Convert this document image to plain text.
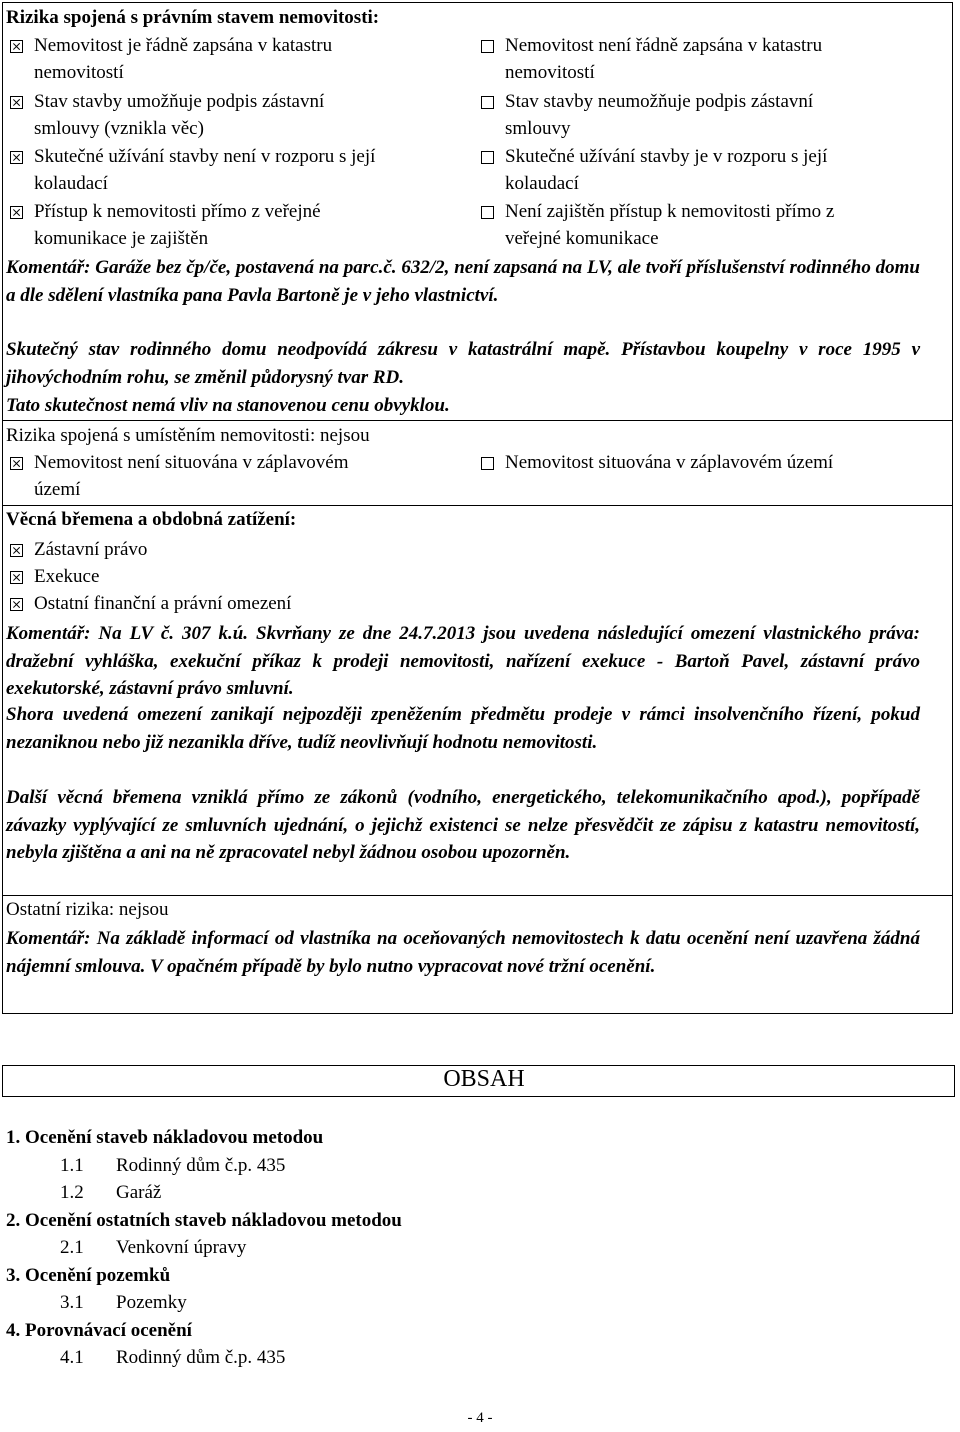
Rizika spojená s právním stavem nemovitosti:
Nemovitost je řádně zapsána v katastru
nemovitostí
Nemovitost není řádně zapsána v katastru
nemovitostí
Stav stavby umožňuje podpis zástavní
smlouvy (vznikla věc)
Stav stavby neumožňuje podpis zástavní
smlouvy
Skutečné užívání stavby není v rozporu s její
kolaudací
Skutečné užívání stavby je v rozporu s její
kolaudací
Přístup k nemovitosti přímo z veřejné
komunikace je zajištěn
Není zajištěn přístup k nemovitosti přímo z
veřejné komunikace
Komentář: Garáže bez čp/če, postavená na parc.č. 632/2, není zapsaná na LV, ale tvoří příslušenství rodinného domu a dle sdělení vlastníka pana Pavla Bartoně je v jeho vlastnictví.
Skutečný stav rodinného domu neodpovídá zákresu v katastrální mapě. Přístavbou koupelny v roce 1995 v jihovýchodním rohu, se změnil půdorysný tvar RD.
Tato skutečnost nemá vliv na stanovenou cenu obvyklou.
Rizika spojená s umístěním nemovitosti: nejsou
Nemovitost není situována v záplavovém
území
Nemovitost situována v záplavovém území
Věcná břemena a obdobná zatížení:
Zástavní právo
Exekuce
Ostatní finanční a právní omezení
Komentář: Na LV č. 307 k.ú. Skvrňany ze dne 24.7.2013 jsou uvedena následující omezení vlastnického práva: dražební vyhláška, exekuční příkaz k prodeji nemovitosti, nařízení exekuce - Bartoň Pavel, zástavní právo exekutorské, zástavní právo smluvní.
Shora uvedená omezení zanikají nejpozději zpeněžením předmětu prodeje v rámci insolvenčního řízení, pokud nezaniknou nebo již nezanikla dříve, tudíž neovlivňují hodnotu nemovitosti.
Další věcná břemena vzniklá přímo ze zákonů (vodního, energetického, telekomunikačního apod.), popřípadě závazky vyplývající ze smluvních ujednání, o jejichž existenci se nelze přesvědčit ze zápisu z katastru nemovitostí, nebyla zjištěna a ani na ně zpracovatel nebyl žádnou osobou upozorněn.
Ostatní rizika: nejsou
Komentář: Na základě informací od vlastníka na oceňovaných nemovitostech k datu ocenění není uzavřena žádná nájemní smlouva. V opačném případě by bylo nutno vypracovat nové tržní ocenění.
OBSAH
1. Ocenění staveb nákladovou metodou
1.1 Rodinný dům č.p. 435
1.2 Garáž
2. Ocenění ostatních staveb nákladovou metodou
2.1 Venkovní úpravy
3. Ocenění pozemků
3.1 Pozemky
4. Porovnávací ocenění
4.1 Rodinný dům č.p. 435
- 4 -
